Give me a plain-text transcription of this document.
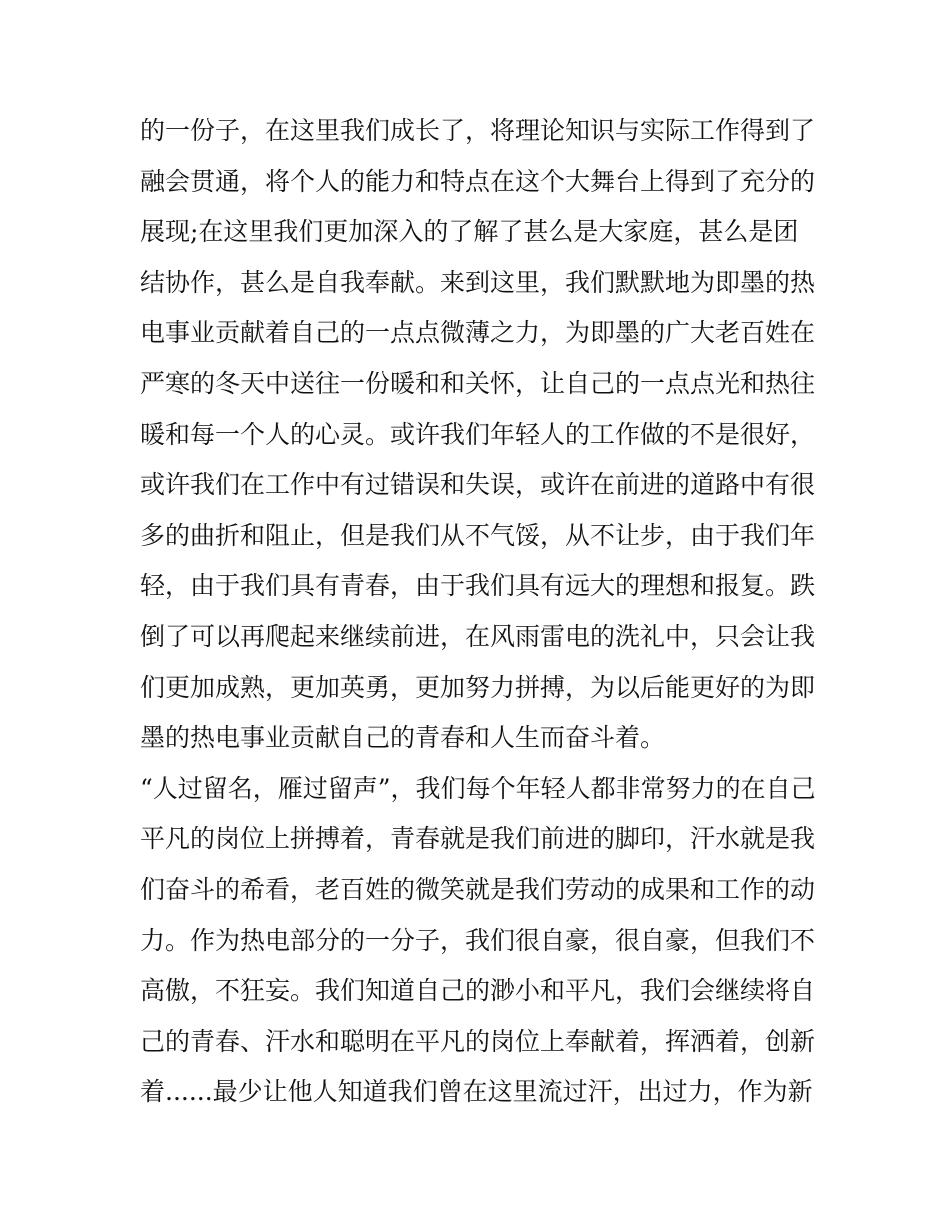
的一份子，在这里我们成长了，将理论知识与实际工作得到了
融会贯通，将个人的能力和特点在这个大舞台上得到了充分的
展现;在这里我们更加深入的了解了甚么是大家庭，甚么是团
结协作，甚么是自我奉献。来到这里，我们默默地为即墨的热
电事业贡献着自己的一点点微薄之力，为即墨的广大老百姓在
严寒的冬天中送往一份暖和和关怀，让自己的一点点光和热往
暖和每一个人的心灵。或许我们年轻人的工作做的不是很好，
或许我们在工作中有过错误和失误，或许在前进的道路中有很
多的曲折和阻止，但是我们从不气馁，从不让步，由于我们年
轻，由于我们具有青春，由于我们具有远大的理想和报复。跌
倒了可以再爬起来继续前进，在风雨雷电的洗礼中，只会让我
们更加成熟，更加英勇，更加努力拼搏，为以后能更好的为即
墨的热电事业贡献自己的青春和人生而奋斗着。
“人过留名，雁过留声”，我们每个年轻人都非常努力的在自己
平凡的岗位上拼搏着，青春就是我们前进的脚印，汗水就是我
们奋斗的希看，老百姓的微笑就是我们劳动的成果和工作的动
力。作为热电部分的一分子，我们很自豪，很自豪，但我们不
高傲，不狂妄。我们知道自己的渺小和平凡，我们会继续将自
己的青春、汗水和聪明在平凡的岗位上奉献着，挥洒着，创新
着......最少让他人知道我们曾在这里流过汗，出过力，作为新
